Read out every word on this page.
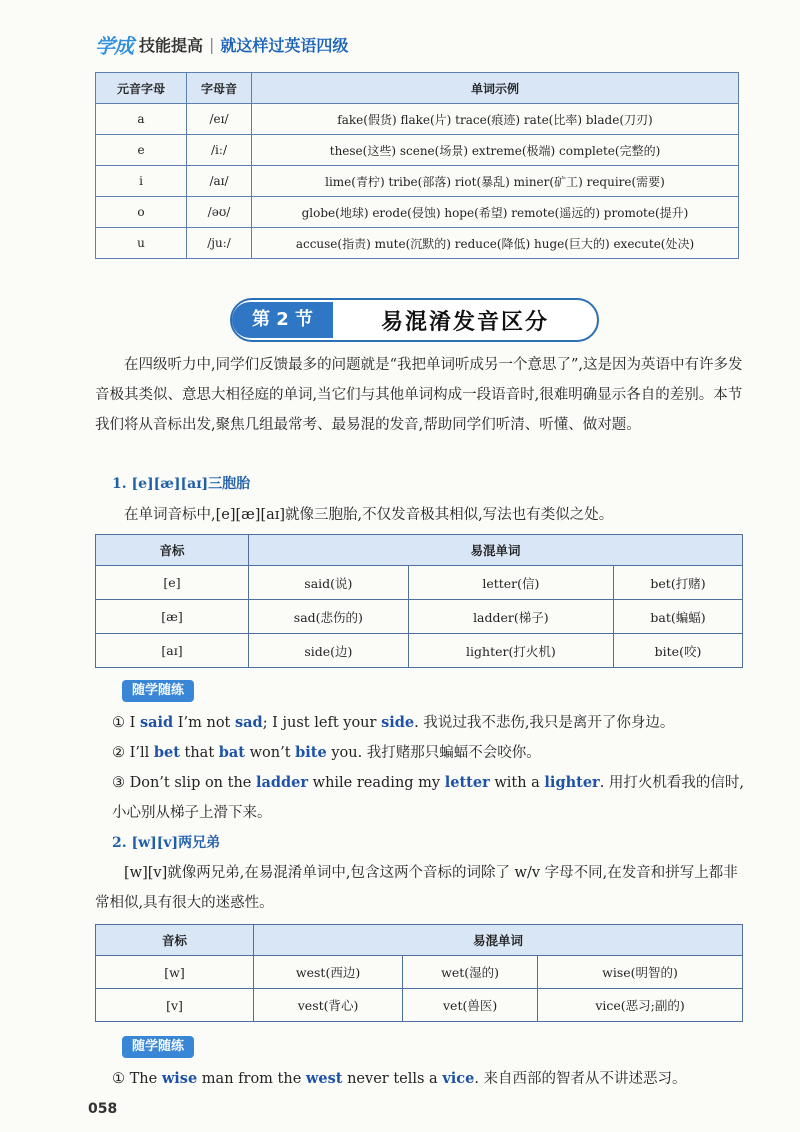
学成 技能提高 | 就这样过英语四级
元音字母	字母音	单词示例
a	/eɪ/	fake(假货) flake(片) trace(痕迹) rate(比率) blade(刀刃)
e	/iː/	these(这些) scene(场景) extreme(极端) complete(完整的)
i	/aɪ/	lime(青柠) tribe(部落) riot(暴乱) miner(矿工) require(需要)
o	/əʊ/	globe(地球) erode(侵蚀) hope(希望) remote(遥远的) promote(提升)
u	/juː/	accuse(指责) mute(沉默的) reduce(降低) huge(巨大的) execute(处决)
第 2 节	易混淆发音区分
在四级听力中,同学们反馈最多的问题就是“我把单词听成另一个意思了”,这是因为英语中有许多发音极其类似、意思大相径庭的单词,当它们与其他单词构成一段语音时,很难明确显示各自的差别。本节我们将从音标出发,聚焦几组最常考、最易混的发音,帮助同学们听清、听懂、做对题。
1. [e][æ][aɪ]三胞胎
在单词音标中,[e][æ][aɪ]就像三胞胎,不仅发音极其相似,写法也有类似之处。
音标	易混单词		
[e]	said(说)	letter(信)	bet(打赌)
[æ]	sad(悲伤的)	ladder(梯子)	bat(蝙蝠)
[aɪ]	side(边)	lighter(打火机)	bite(咬)
随学随练
① I said I’m not sad; I just left your side. 我说过我不悲伤,我只是离开了你身边。
② I’ll bet that bat won’t bite you. 我打赌那只蝙蝠不会咬你。
③ Don’t slip on the ladder while reading my letter with a lighter. 用打火机看我的信时,小心别从梯子上滑下来。
2. [w][v]两兄弟
[w][v]就像两兄弟,在易混淆单词中,包含这两个音标的词除了 w/v 字母不同,在发音和拼写上都非常相似,具有很大的迷惑性。
音标	易混单词		
[w]	west(西边)	wet(湿的)	wise(明智的)
[v]	vest(背心)	vet(兽医)	vice(恶习;副的)
随学随练
① The wise man from the west never tells a vice. 来自西部的智者从不讲述恶习。
058
